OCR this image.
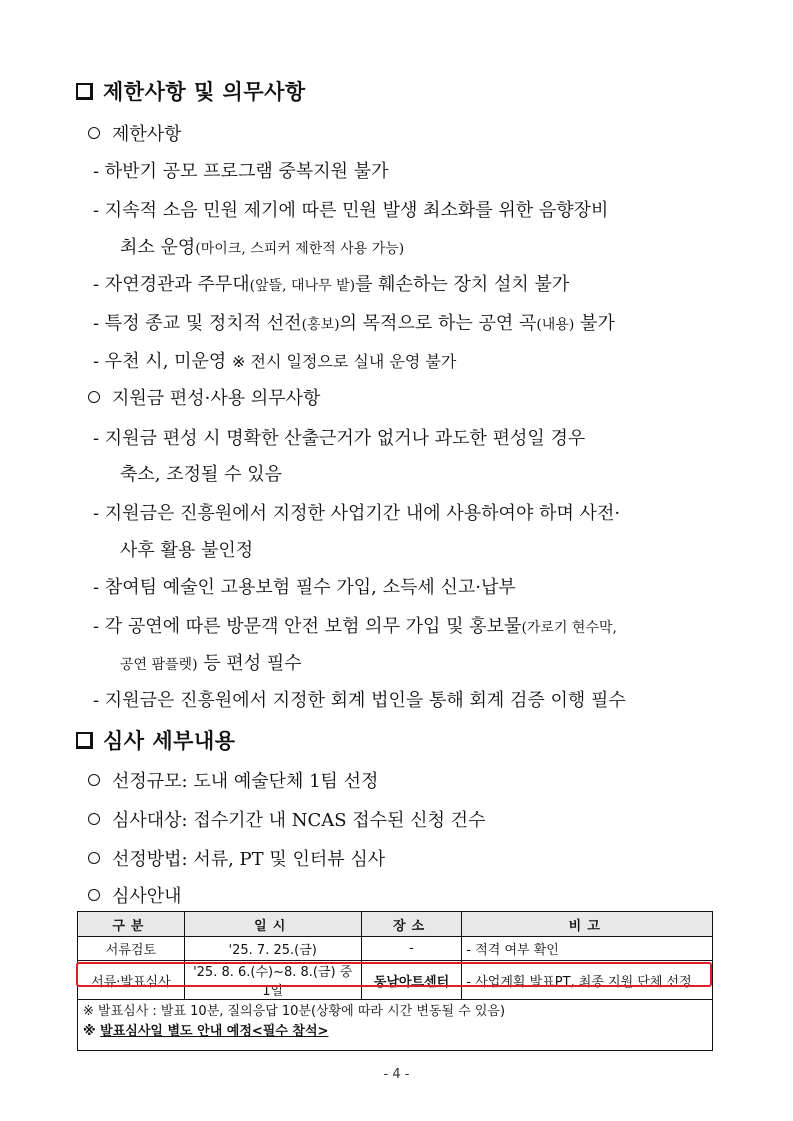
제한사항 및 의무사항
제한사항
- 하반기 공모 프로그램 중복지원 불가
- 지속적 소음 민원 제기에 따른 민원 발생 최소화를 위한 음향장비
최소 운영(마이크, 스피커 제한적 사용 가능)
- 자연경관과 주무대(앞뜰, 대나무 밭)를 훼손하는 장치 설치 불가
- 특정 종교 및 정치적 선전(홍보)의 목적으로 하는 공연 곡(내용) 불가
- 우천 시, 미운영 ※ 전시 일정으로 실내 운영 불가
지원금 편성·사용 의무사항
- 지원금 편성 시 명확한 산출근거가 없거나 과도한 편성일 경우
축소, 조정될 수 있음
- 지원금은 진흥원에서 지정한 사업기간 내에 사용하여야 하며 사전·
사후 활용 불인정
- 참여팀 예술인 고용보험 필수 가입, 소득세 신고·납부
- 각 공연에 따른 방문객 안전 보험 의무 가입 및 홍보물(가로기 현수막,
공연 팜플렛) 등 편성 필수
- 지원금은 진흥원에서 지정한 회계 법인을 통해 회계 검증 이행 필수
심사 세부내용
선정규모: 도내 예술단체 1팀 선정
심사대상: 접수기간 내 NCAS 접수된 신청 건수
선정방법: 서류, PT 및 인터뷰 심사
심사안내
구분	일시	장소	비고
서류검토	'25. 7. 25.(금)	-	- 적격 여부 확인
서류·발표심사	'25. 8. 6.(수)~8. 8.(금) 중 1일	동남아트센터	- 사업계획 발표PT, 최종 지원 단체 선정

※ 발표심사 : 발표 10분, 질의응답 10분(상황에 따라 시간 변동될 수 있음)
※ 발표심사일 별도 안내 예정<필수 참석>			
- 4 -
